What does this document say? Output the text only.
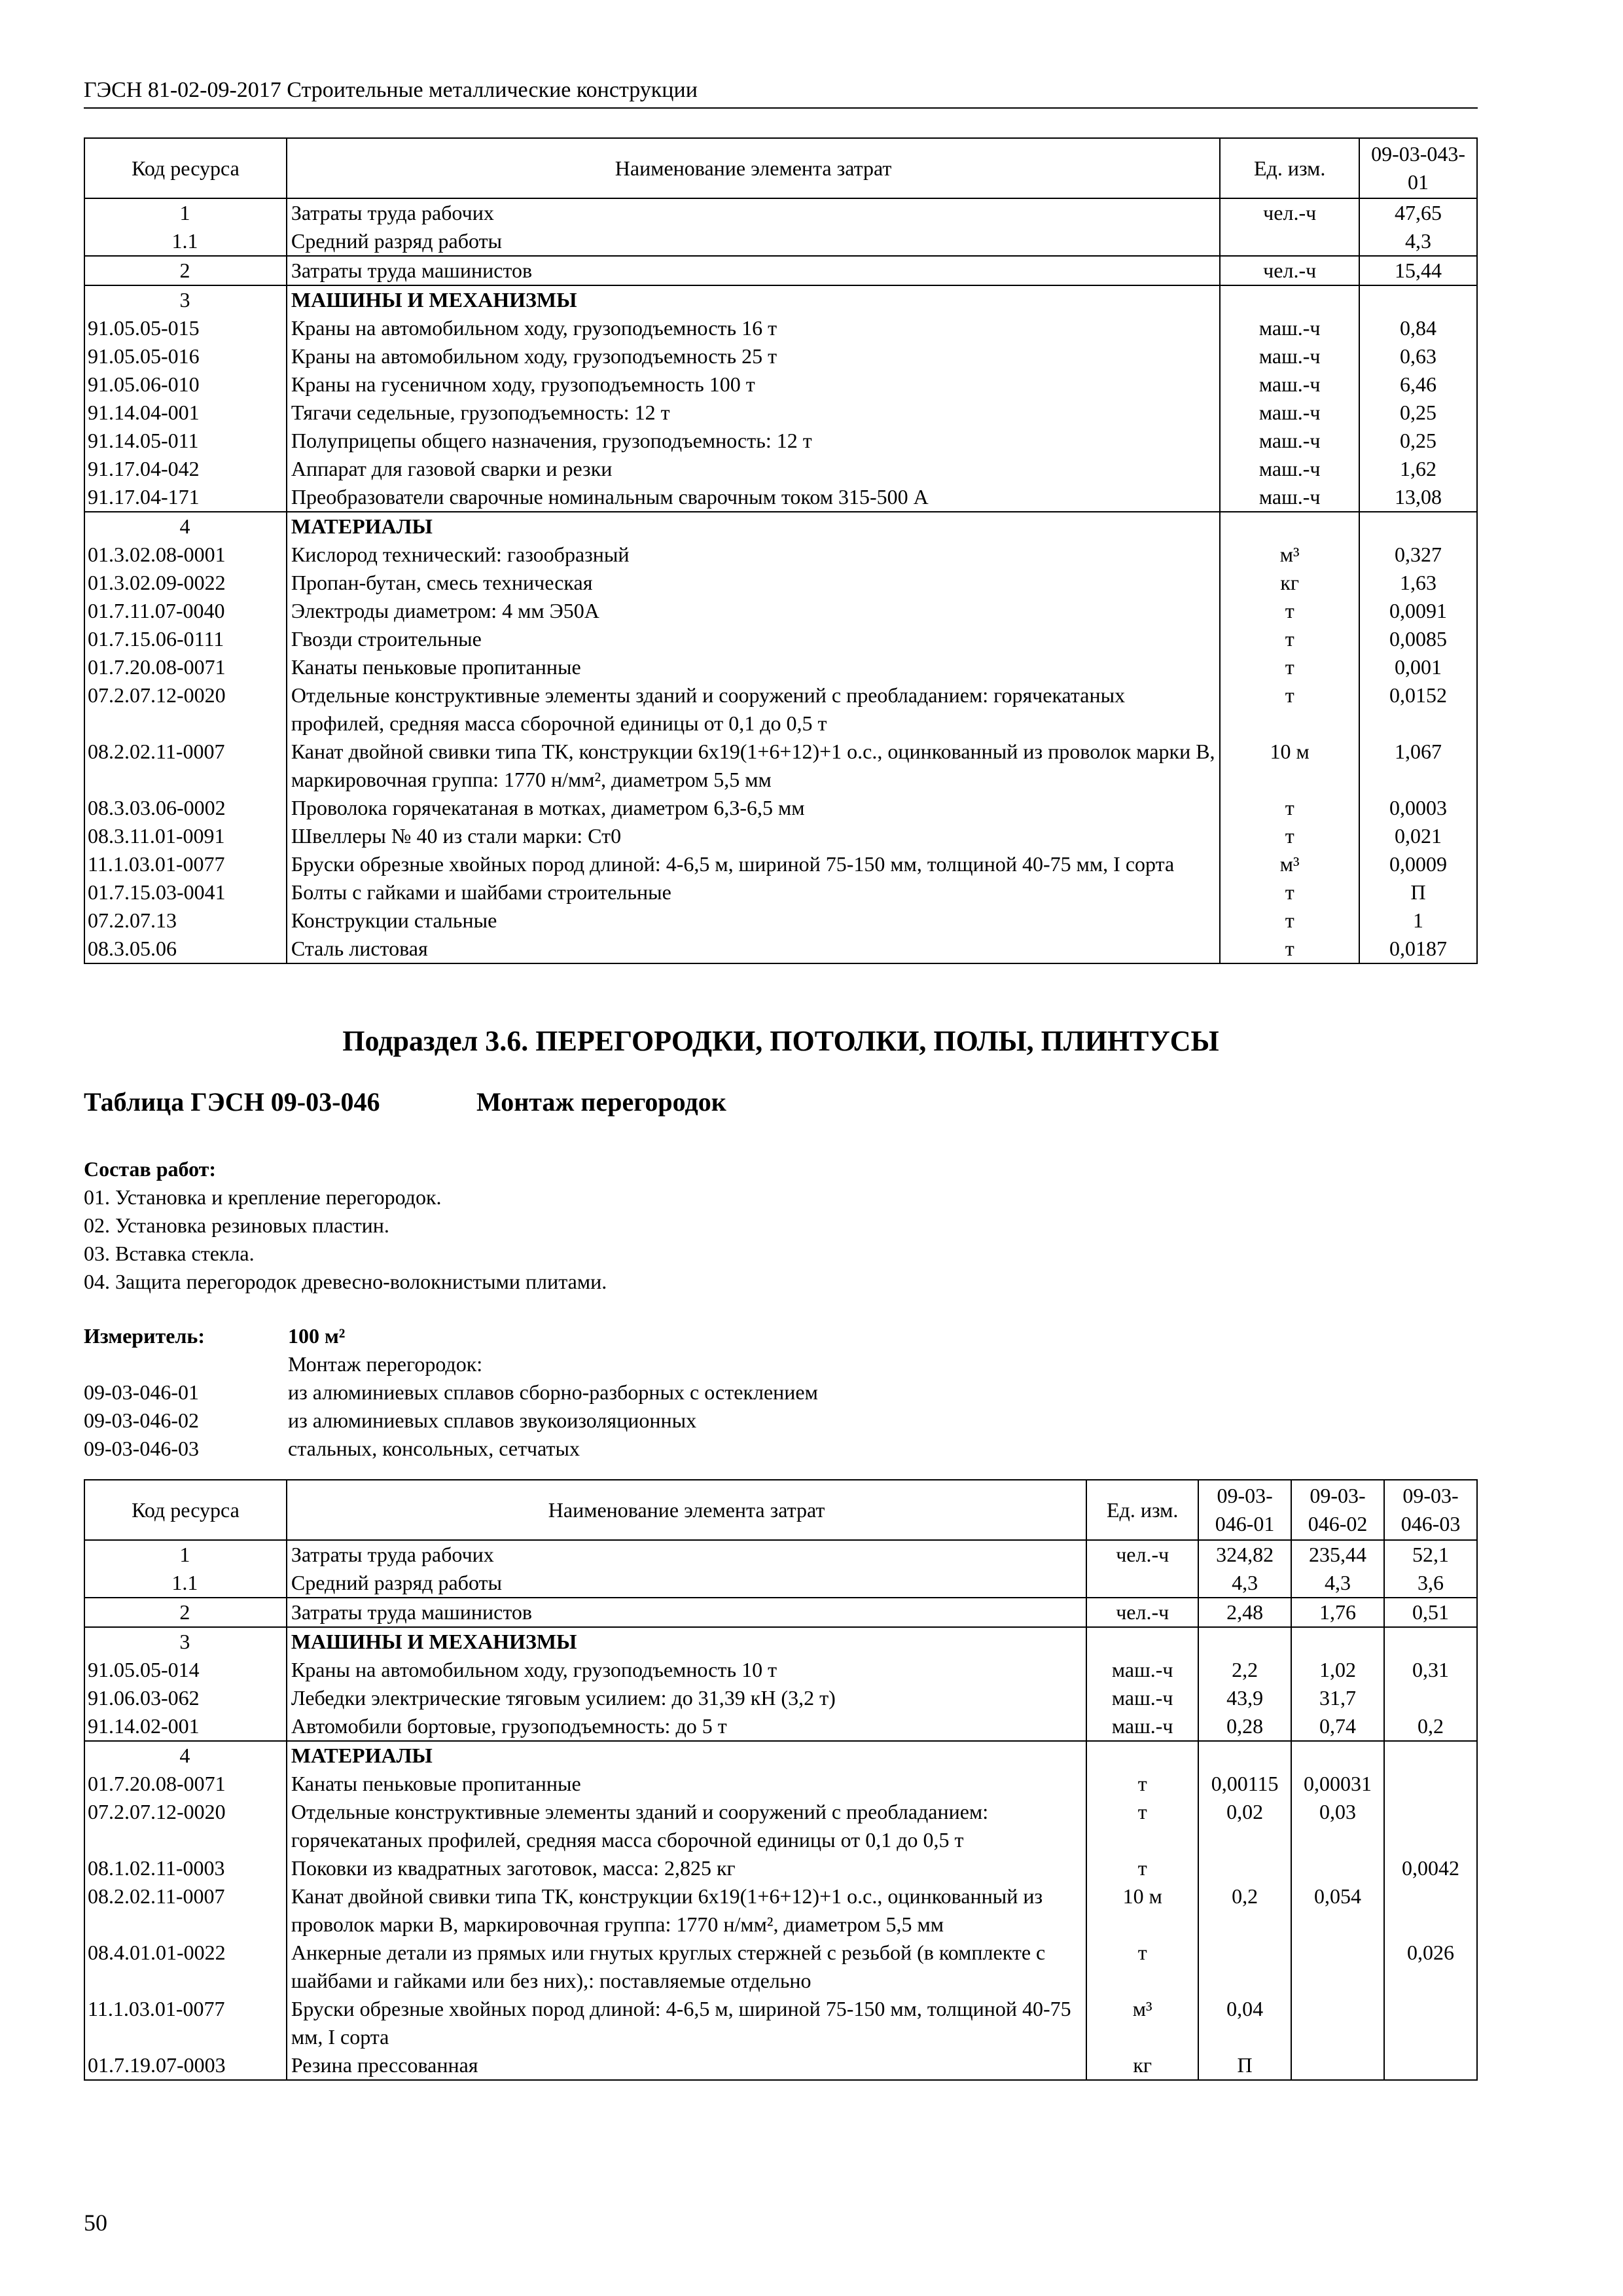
ГЭСН 81-02-09-2017 Строительные металлические конструкции
Код ресурса	Наименование элемента затрат	Ед. изм.	09-03-043-01
1	Затраты труда рабочих	чел.-ч	47,65
1.1	Средний разряд работы		4,3
2	Затраты труда машинистов	чел.-ч	15,44
3	МАШИНЫ И МЕХАНИЗМЫ		
91.05.05-015	Краны на автомобильном ходу, грузоподъемность 16 т	маш.-ч	0,84
91.05.05-016	Краны на автомобильном ходу, грузоподъемность 25 т	маш.-ч	0,63
91.05.06-010	Краны на гусеничном ходу, грузоподъемность 100 т	маш.-ч	6,46
91.14.04-001	Тягачи седельные, грузоподъемность: 12 т	маш.-ч	0,25
91.14.05-011	Полуприцепы общего назначения, грузоподъемность: 12 т	маш.-ч	0,25
91.17.04-042	Аппарат для газовой сварки и резки	маш.-ч	1,62
91.17.04-171	Преобразователи сварочные номинальным сварочным током 315-500 А	маш.-ч	13,08
4	МАТЕРИАЛЫ		
01.3.02.08-0001	Кислород технический: газообразный	м³	0,327
01.3.02.09-0022	Пропан-бутан, смесь техническая	кг	1,63
01.7.11.07-0040	Электроды диаметром: 4 мм Э50А	т	0,0091
01.7.15.06-0111	Гвозди строительные	т	0,0085
01.7.20.08-0071	Канаты пеньковые пропитанные	т	0,001
07.2.07.12-0020	Отдельные конструктивные элементы зданий и сооружений с преобладанием: горячекатаных профилей, средняя масса сборочной единицы от 0,1 до 0,5 т	т	0,0152
08.2.02.11-0007	Канат двойной свивки типа ТК, конструкции 6х19(1+6+12)+1 о.с., оцинкованный из проволок марки В, маркировочная группа: 1770 н/мм², диаметром 5,5 мм	10 м	1,067
08.3.03.06-0002	Проволока горячекатаная в мотках, диаметром 6,3-6,5 мм	т	0,0003
08.3.11.01-0091	Швеллеры № 40 из стали марки: Ст0	т	0,021
11.1.03.01-0077	Бруски обрезные хвойных пород длиной: 4-6,5 м, шириной 75-150 мм, толщиной 40-75 мм, I сорта	м³	0,0009
01.7.15.03-0041	Болты с гайками и шайбами строительные	т	П
07.2.07.13	Конструкции стальные	т	1
08.3.05.06	Сталь листовая	т	0,0187
Подраздел 3.6. ПЕРЕГОРОДКИ, ПОТОЛКИ, ПОЛЫ, ПЛИНТУСЫ
Таблица ГЭСН 09-03-046	Монтаж перегородок
Состав работ:
01. Установка и крепление перегородок.
02. Установка резиновых пластин.
03. Вставка стекла.
04. Защита перегородок древесно-волокнистыми плитами.
Измеритель:	100 м²
Монтаж перегородок:
09-03-046-01	из алюминиевых сплавов сборно-разборных с остеклением
09-03-046-02	из алюминиевых сплавов звукоизоляционных
09-03-046-03	стальных, консольных, сетчатых
Код ресурса	Наименование элемента затрат	Ед. изм.	09-03-046-01	09-03-046-02	09-03-046-03
1	Затраты труда рабочих	чел.-ч	324,82	235,44	52,1
1.1	Средний разряд работы		4,3	4,3	3,6
2	Затраты труда машинистов	чел.-ч	2,48	1,76	0,51
3	МАШИНЫ И МЕХАНИЗМЫ				
91.05.05-014	Краны на автомобильном ходу, грузоподъемность 10 т	маш.-ч	2,2	1,02	0,31
91.06.03-062	Лебедки электрические тяговым усилием: до 31,39 кН (3,2 т)	маш.-ч	43,9	31,7	
91.14.02-001	Автомобили бортовые, грузоподъемность: до 5 т	маш.-ч	0,28	0,74	0,2
4	МАТЕРИАЛЫ				
01.7.20.08-0071	Канаты пеньковые пропитанные	т	0,00115	0,00031	
07.2.07.12-0020	Отдельные конструктивные элементы зданий и сооружений с преобладанием: горячекатаных профилей, средняя масса сборочной единицы от 0,1 до 0,5 т	т	0,02	0,03	
08.1.02.11-0003	Поковки из квадратных заготовок, масса: 2,825 кг	т			0,0042
08.2.02.11-0007	Канат двойной свивки типа ТК, конструкции 6х19(1+6+12)+1 о.с., оцинкованный из проволок марки В, маркировочная группа: 1770 н/мм², диаметром 5,5 мм	10 м	0,2	0,054	
08.4.01.01-0022	Анкерные детали из прямых или гнутых круглых стержней с резьбой (в комплекте с шайбами и гайками или без них),: поставляемые отдельно	т			0,026
11.1.03.01-0077	Бруски обрезные хвойных пород длиной: 4-6,5 м, шириной 75-150 мм, толщиной 40-75 мм, I сорта	м³	0,04		
01.7.19.07-0003	Резина прессованная	кг	П		
50
